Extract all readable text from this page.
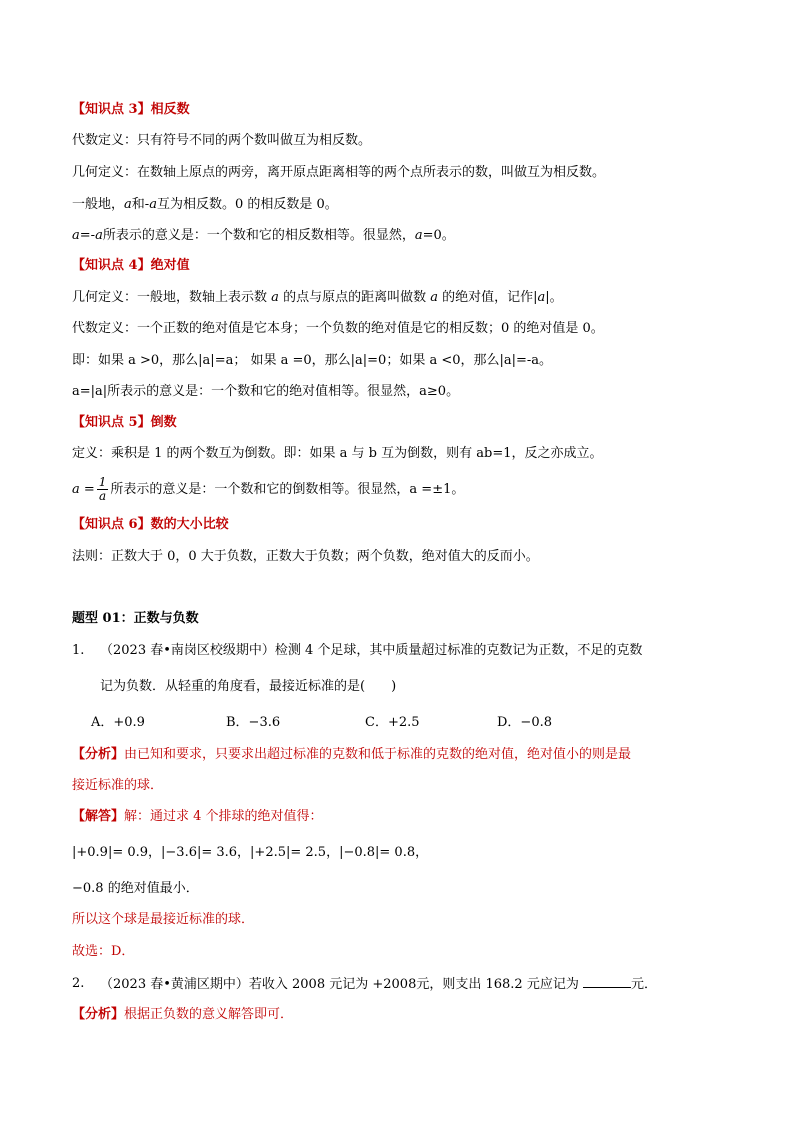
【知识点 3】相反数
代数定义：只有符号不同的两个数叫做互为相反数。
几何定义：在数轴上原点的两旁，离开原点距离相等的两个点所表示的数，叫做互为相反数。
一般地，a和-a互为相反数。0 的相反数是 0。
a=-a所表示的意义是：一个数和它的相反数相等。很显然，a=0。
【知识点 4】绝对值
几何定义：一般地，数轴上表示数 a 的点与原点的距离叫做数 a 的绝对值，记作|a|。
代数定义：一个正数的绝对值是它本身；一个负数的绝对值是它的相反数；0 的绝对值是 0。
即：如果 a >0，那么|a|=a； 如果 a =0，那么|a|=0；如果 a <0，那么|a|=-a。
a=|a|所表示的意义是：一个数和它的绝对值相等。很显然，a≥0。
【知识点 5】倒数
定义：乘积是 1 的两个数互为倒数。即：如果 a 与 b 互为倒数，则有 ab=1，反之亦成立。
$a = \frac{1}{a}$ 所表示的意义是：一个数和它的倒数相等。很显然，a =±1。
【知识点 6】数的大小比较
法则：正数大于 0，0 大于负数，正数大于负数；两个负数，绝对值大的反而小。
题型 01：正数与负数
1. （2023 春•南岗区校级期中）检测 4 个足球，其中质量超过标准的克数记为正数，不足的克数
记为负数．从轻重的角度看，最接近标准的是(　　)
A．+0.9	B．−3.6	C．+2.5	D．−0.8
【分析】由已知和要求，只要求出超过标准的克数和低于标准的克数的绝对值，绝对值小的则是最
接近标准的球．
【解答】解：通过求 4 个排球的绝对值得：
|+0.9|= 0.9，|−3.6|= 3.6，|+2.5|= 2.5，|−0.8|= 0.8，
−0.8 的绝对值最小．
所以这个球是最接近标准的球．
故选：D．
2. （2023 春•黄浦区期中）若收入 2008 元记为 +2008元，则支出 168.2 元应记为	元．
【分析】根据正负数的意义解答即可．
